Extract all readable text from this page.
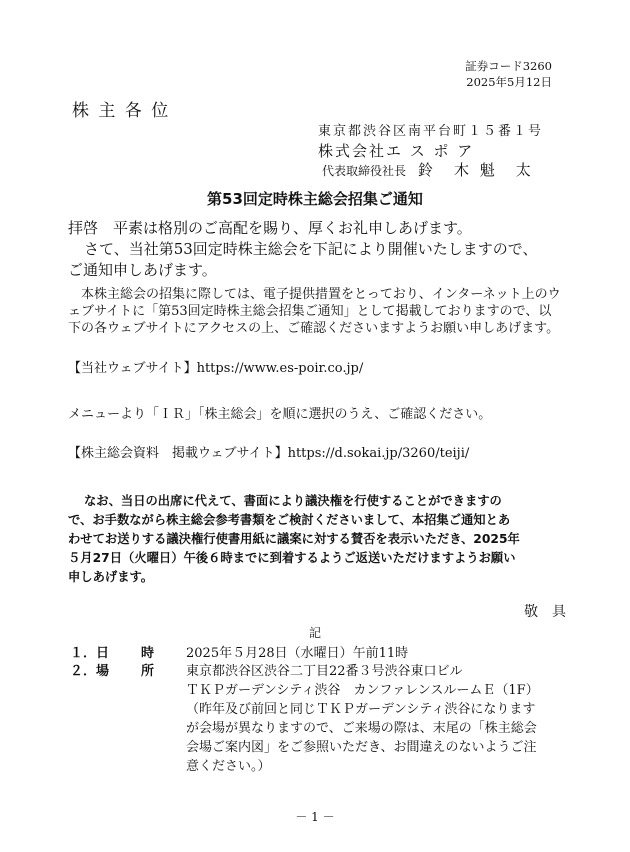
証券コード3260
2025年5月12日
株 主 各 位
東京都渋谷区南平台町１５番１号
株式会社エ ス ポ ア
代表取締役社長 鈴　木 魁　太
第53回定時株主総会招集ご通知
拝啓　平素は格別のご高配を賜り、厚くお礼申しあげます。
さて、当社第53回定時株主総会を下記により開催いたしますので、
ご通知申しあげます。
本株主総会の招集に際しては、電子提供措置をとっており、インターネット上のウェブサイトに「第53回定時株主総会招集ご通知」として掲載しておりますので、以下の各ウェブサイトにアクセスの上、ご確認くださいますようお願い申しあげます。
【当社ウェブサイト】https://www.es-poir.co.jp/
メニューより「ＩＲ」「株主総会」を順に選択のうえ、ご確認ください。
【株主総会資料　掲載ウェブサイト】https://d.sokai.jp/3260/teiji/
なお、当日の出席に代えて、書面により議決権を行使することができますの
で、お手数ながら株主総会参考書類をご検討くださいまして、本招集ご通知とあ
わせてお送りする議決権行使書用紙に議案に対する賛否を表示いただき、2025年
５月27日（火曜日）午後６時までに到着するようご返送いただけますようお願い
申しあげます。
敬　具
記
１． 日　　時 2025年５月28日（水曜日）午前11時
２． 場　　所 東京都渋谷区渋谷二丁目22番３号渋谷東口ビル
ＴＫＰガーデンシティ渋谷　カンファレンスルームＥ（1F）
（昨年及び前回と同じＴＫＰガーデンシティ渋谷になります
が会場が異なりますので、ご来場の際は、末尾の「株主総会
会場ご案内図」をご参照いただき、お間違えのないようご注
意ください。）
－ 1 －
